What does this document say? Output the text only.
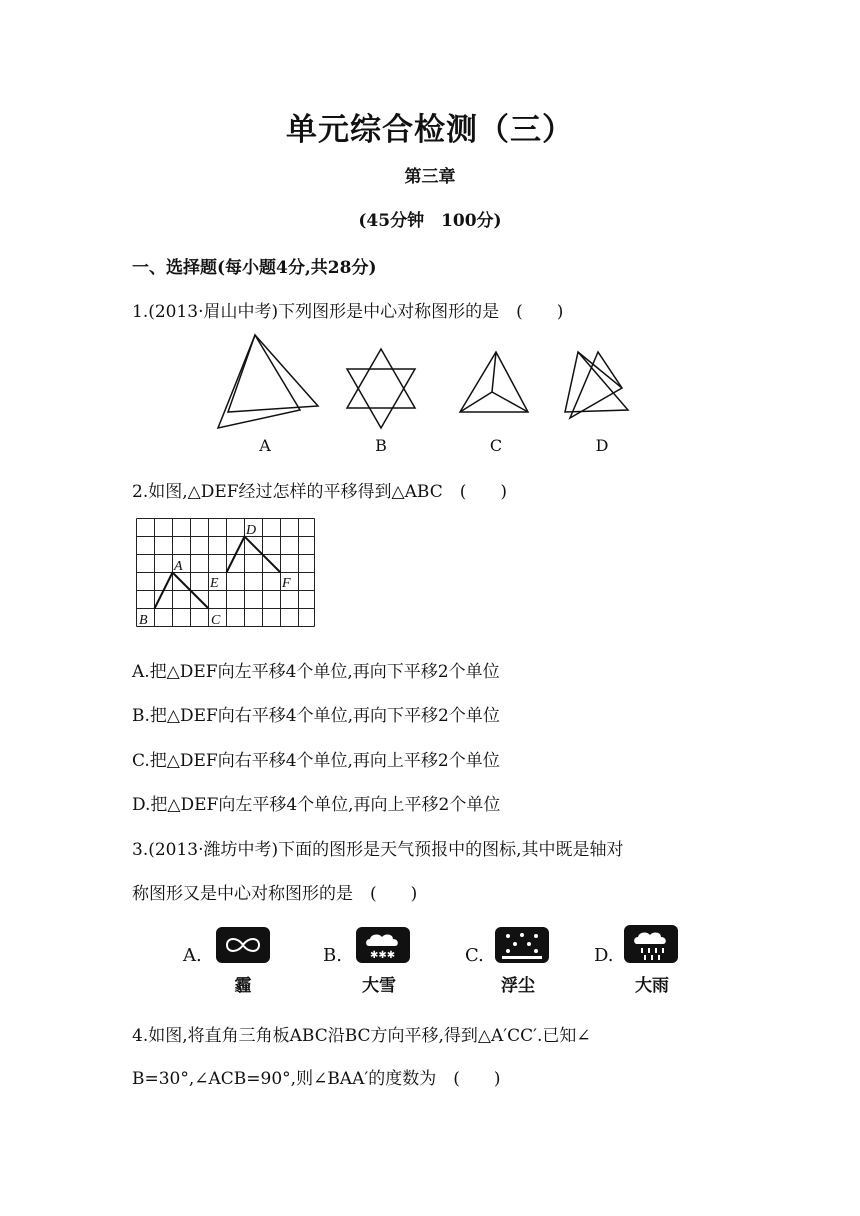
单元综合检测（三）
第三章
(45分钟　100分)
一、选择题(每小题4分,共28分)
1.(2013·眉山中考)下列图形是中心对称图形的是　(　　)
A	B	C	D
2.如图,△DEF经过怎样的平移得到△ABC　(　　)
A
B	C
D
E	F
A.把△DEF向左平移4个单位,再向下平移2个单位
B.把△DEF向右平移4个单位,再向下平移2个单位
C.把△DEF向右平移4个单位,再向上平移2个单位
D.把△DEF向左平移4个单位,再向上平移2个单位
3.(2013·潍坊中考)下面的图形是天气预报中的图标,其中既是轴对
称图形又是中心对称图形的是　(　　)
A.
霾
B.	✱✱✱
大雪
C.
浮尘
D.
大雨
4.如图,将直角三角板ABC沿BC方向平移,得到△A′CC′.已知∠
B=30°,∠ACB=90°,则∠BAA′的度数为　(　　)
